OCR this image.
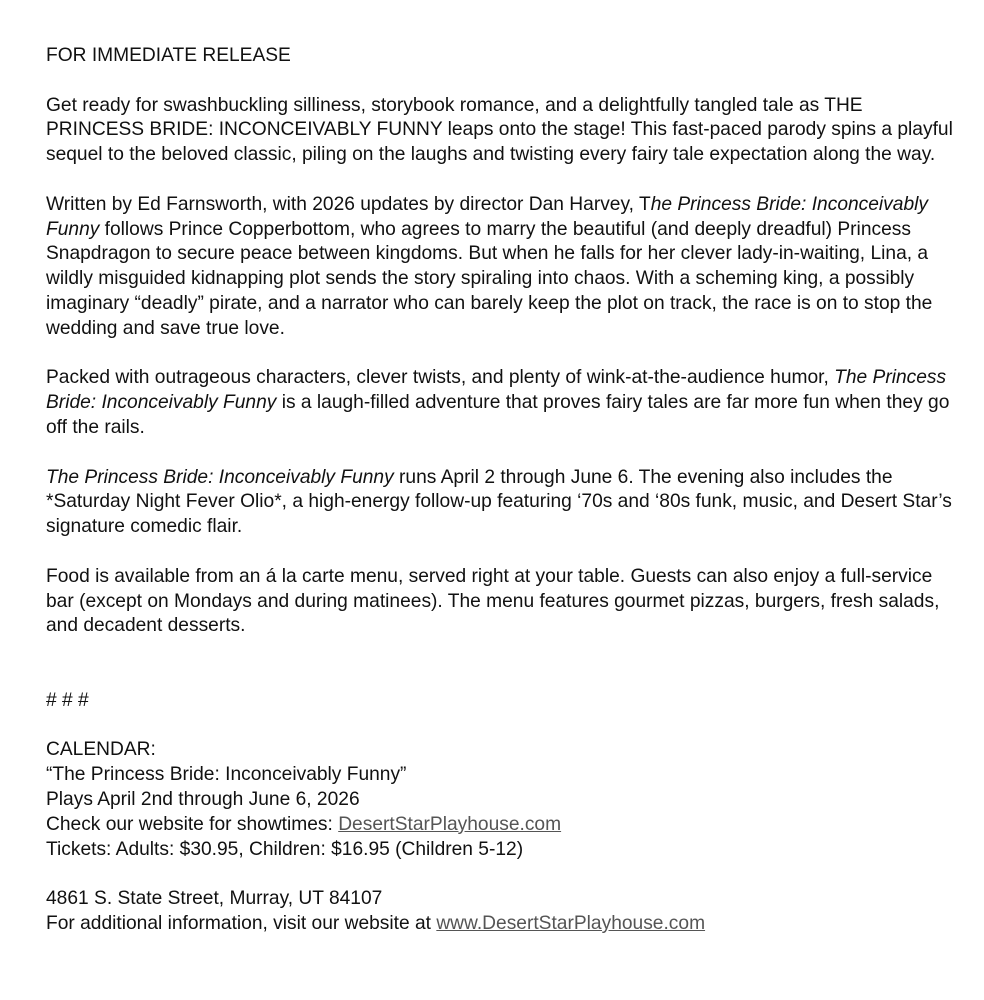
FOR IMMEDIATE RELEASE

Get ready for swashbuckling silliness, storybook romance, and a delightfully tangled tale as THE PRINCESS BRIDE: INCONCEIVABLY FUNNY leaps onto the stage! This fast-paced parody spins a playful sequel to the beloved classic, piling on the laughs and twisting every fairy tale expectation along the way.

Written by Ed Farnsworth, with 2026 updates by director Dan Harvey, The Princess Bride: Inconceivably Funny follows Prince Copperbottom, who agrees to marry the beautiful (and deeply dreadful) Princess Snapdragon to secure peace between kingdoms. But when he falls for her clever lady-in-waiting, Lina, a wildly misguided kidnapping plot sends the story spiraling into chaos. With a scheming king, a possibly imaginary “deadly” pirate, and a narrator who can barely keep the plot on track, the race is on to stop the wedding and save true love.

Packed with outrageous characters, clever twists, and plenty of wink-at-the-audience humor, The Princess Bride: Inconceivably Funny is a laugh-filled adventure that proves fairy tales are far more fun when they go off the rails.

The Princess Bride: Inconceivably Funny runs April 2 through June 6. The evening also includes the *Saturday Night Fever Olio*, a high-energy follow-up featuring ‘70s and ‘80s funk, music, and Desert Star’s signature comedic flair.

Food is available from an á la carte menu, served right at your table. Guests can also enjoy a full-service bar (except on Mondays and during matinees). The menu features gourmet pizzas, burgers, fresh salads, and decadent desserts.

# # #

CALENDAR:
“The Princess Bride: Inconceivably Funny”
Plays April 2nd through June 6, 2026
Check our website for showtimes: DesertStarPlayhouse.com
Tickets: Adults: $30.95, Children: $16.95 (Children 5-12)
4861 S. State Street, Murray, UT 84107
For additional information, visit our website at www.DesertStarPlayhouse.com
